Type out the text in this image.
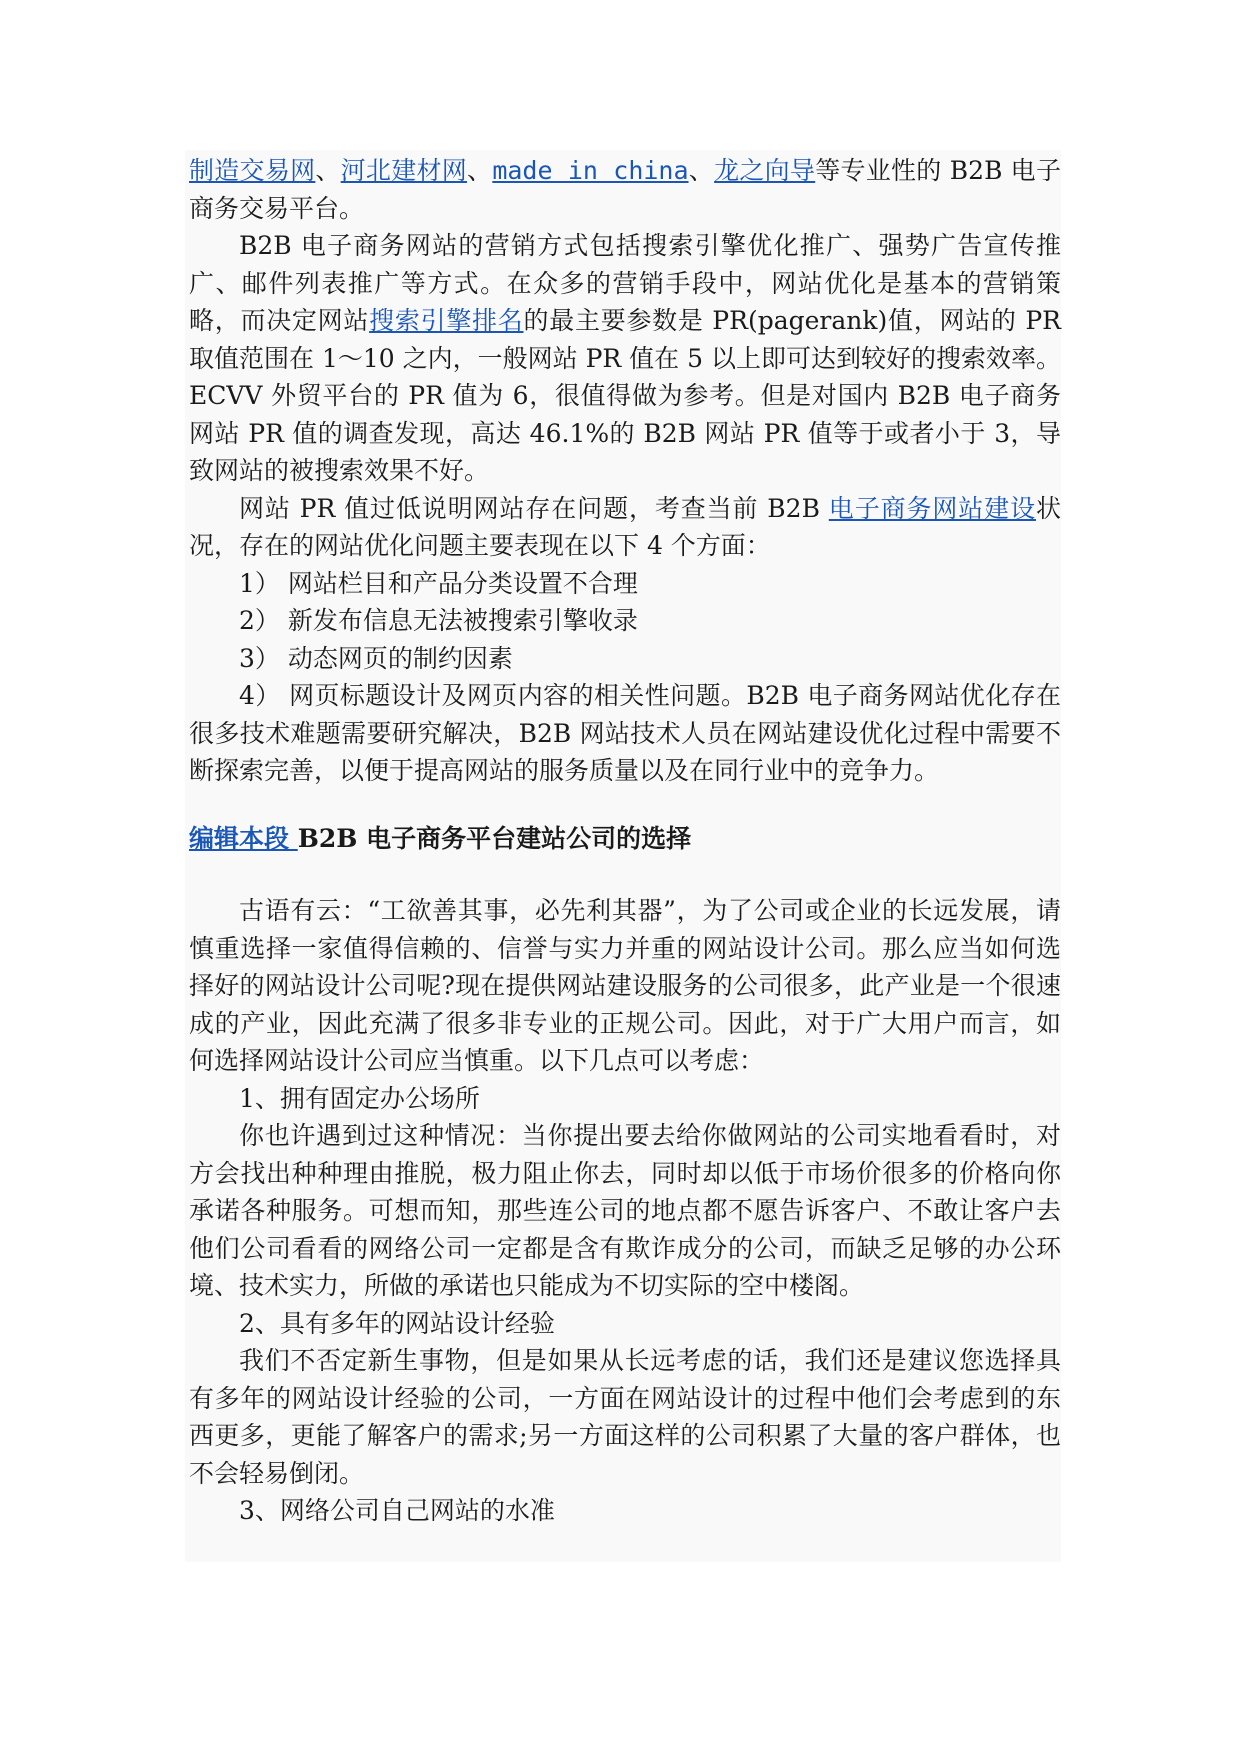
制造交易网、河北建材网、made in china、龙之向导等专业性的 B2B 电子商务交易平台。

B2B 电子商务网站的营销方式包括搜索引擎优化推广、强势广告宣传推广、邮件列表推广等方式。在众多的营销手段中，网站优化是基本的营销策略，而决定网站搜索引擎排名的最主要参数是 PR(pagerank)值，网站的 PR 取值范围在 1～10 之内，一般网站 PR 值在 5 以上即可达到较好的搜索效率。ECVV 外贸平台的 PR 值为 6，很值得做为参考。但是对国内 B2B 电子商务网站 PR 值的调查发现，高达 46.1%的 B2B 网站 PR 值等于或者小于 3，导致网站的被搜索效果不好。

网站 PR 值过低说明网站存在问题，考查当前 B2B 电子商务网站建设状况，存在的网站优化问题主要表现在以下 4 个方面：

1） 网站栏目和产品分类设置不合理

2） 新发布信息无法被搜索引擎收录

3） 动态网页的制约因素

4） 网页标题设计及网页内容的相关性问题。B2B 电子商务网站优化存在很多技术难题需要研究解决，B2B 网站技术人员在网站建设优化过程中需要不断探索完善，以便于提高网站的服务质量以及在同行业中的竞争力。

编辑本段 B2B 电子商务平台建站公司的选择

古语有云：“工欲善其事，必先利其器”，为了公司或企业的长远发展，请慎重选择一家值得信赖的、信誉与实力并重的网站设计公司。那么应当如何选择好的网站设计公司呢?现在提供网站建设服务的公司很多，此产业是一个很速成的产业，因此充满了很多非专业的正规公司。因此，对于广大用户而言，如何选择网站设计公司应当慎重。以下几点可以考虑：

1、拥有固定办公场所

你也许遇到过这种情况：当你提出要去给你做网站的公司实地看看时，对方会找出种种理由推脱，极力阻止你去，同时却以低于市场价很多的价格向你承诺各种服务。可想而知，那些连公司的地点都不愿告诉客户、不敢让客户去他们公司看看的网络公司一定都是含有欺诈成分的公司，而缺乏足够的办公环境、技术实力，所做的承诺也只能成为不切实际的空中楼阁。

2、具有多年的网站设计经验

我们不否定新生事物，但是如果从长远考虑的话，我们还是建议您选择具有多年的网站设计经验的公司，一方面在网站设计的过程中他们会考虑到的东西更多，更能了解客户的需求;另一方面这样的公司积累了大量的客户群体，也不会轻易倒闭。

3、网络公司自己网站的水准
